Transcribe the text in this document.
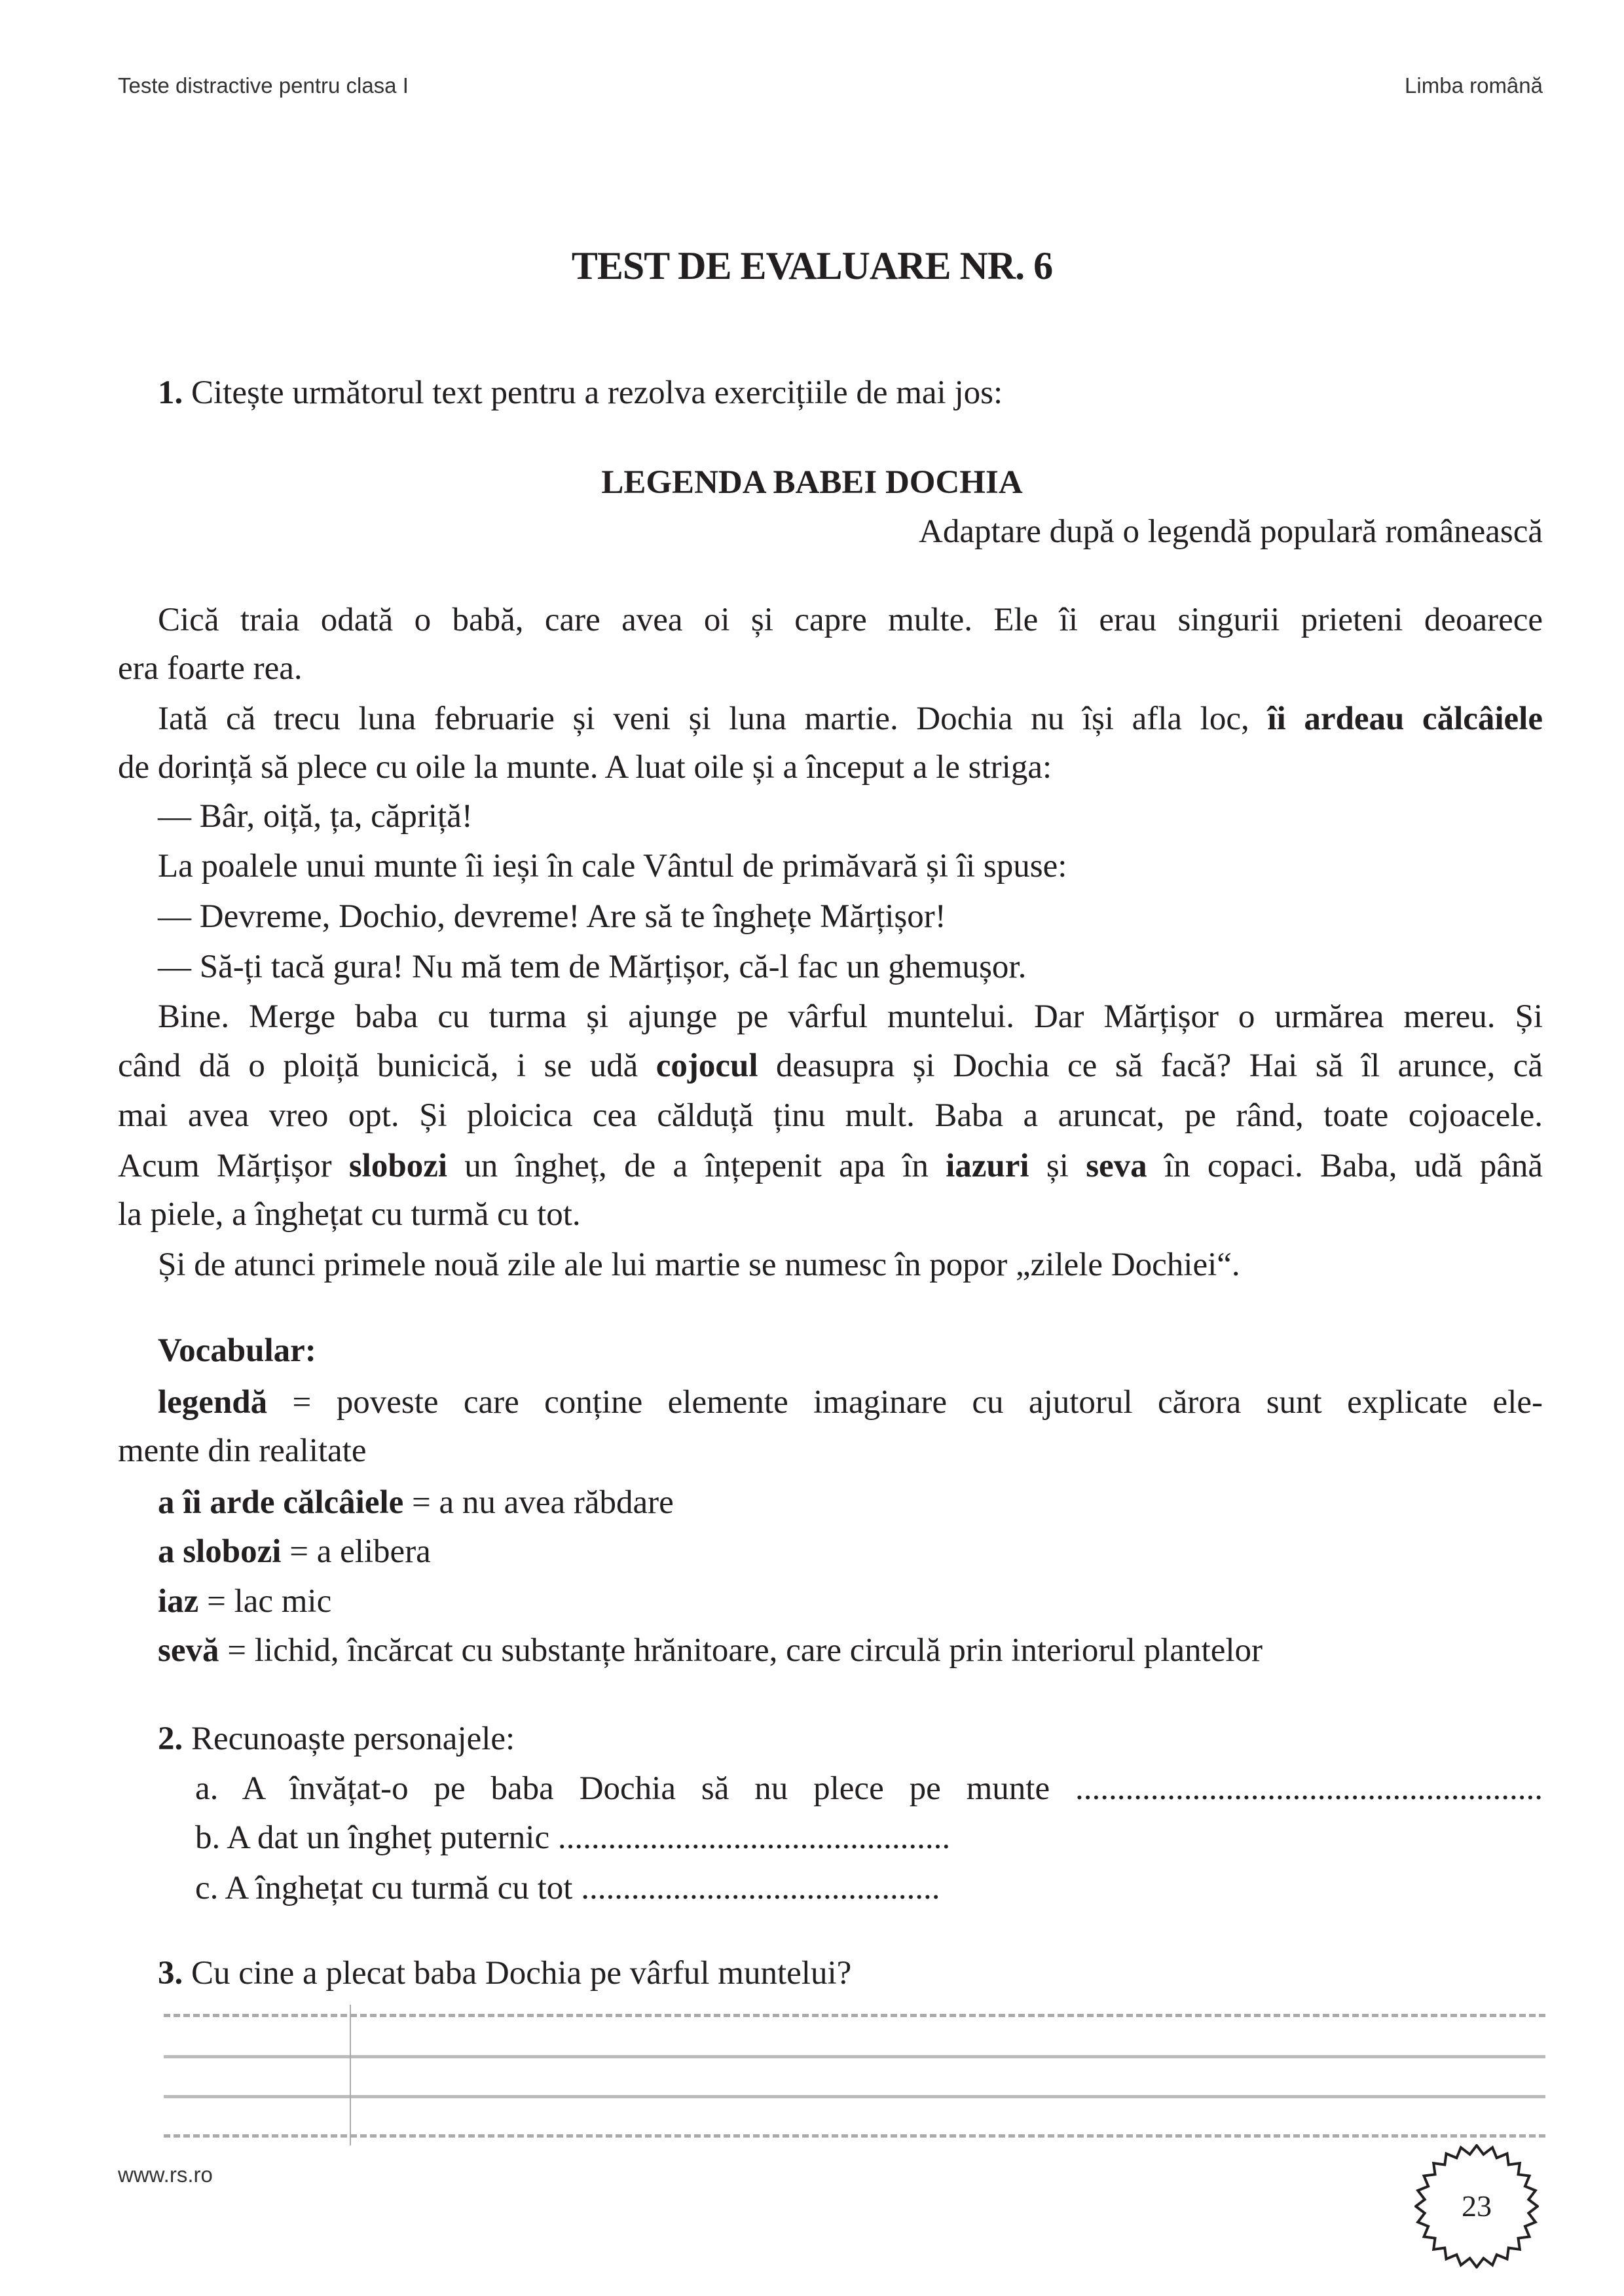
Teste distractive pentru clasa I	Limba română
TEST DE EVALUARE NR. 6
1. Citește următorul text pentru a rezolva exercițiile de mai jos:
LEGENDA BABEI DOCHIA
Adaptare după o legendă populară românească
Cică traia odată o babă, care avea oi și capre multe. Ele îi erau singurii prieteni deoarece
era foarte rea.
Iată că trecu luna februarie și veni și luna martie. Dochia nu își afla loc, îi ardeau călcâiele
de dorință să plece cu oile la munte. A luat oile și a început a le striga:
— Bâr, oiță, ța, căpriță!
La poalele unui munte îi ieși în cale Vântul de primăvară și îi spuse:
— Devreme, Dochio, devreme! Are să te înghețe Mărțișor!
— Să-ți tacă gura! Nu mă tem de Mărțișor, că-l fac un ghemușor.
Bine. Merge baba cu turma și ajunge pe vârful muntelui. Dar Mărțișor o urmărea mereu. Și
când dă o ploiță bunicică, i se udă cojocul deasupra și Dochia ce să facă? Hai să îl arunce, că
mai avea vreo opt. Și ploicica cea călduță ținu mult. Baba a aruncat, pe rând, toate cojoacele.
Acum Mărțișor slobozi un îngheț, de a înțepenit apa în iazuri și seva în copaci. Baba, udă până
la piele, a înghețat cu turmă cu tot.
Și de atunci primele nouă zile ale lui martie se numesc în popor „zilele Dochiei“.
Vocabular:
legendă = poveste care conține elemente imaginare cu ajutorul cărora sunt explicate ele-
mente din realitate
a îi arde călcâiele = a nu avea răbdare
a slobozi = a elibera
iaz = lac mic
sevă = lichid, încărcat cu substanțe hrănitoare, care circulă prin interiorul plantelor
2. Recunoaște personajele:
a. A învățat-o pe baba Dochia să nu plece pe munte ........................................................
b. A dat un îngheț puternic ...............................................
c. A înghețat cu turmă cu tot ...........................................
3. Cu cine a plecat baba Dochia pe vârful muntelui?
www.rs.ro
23
